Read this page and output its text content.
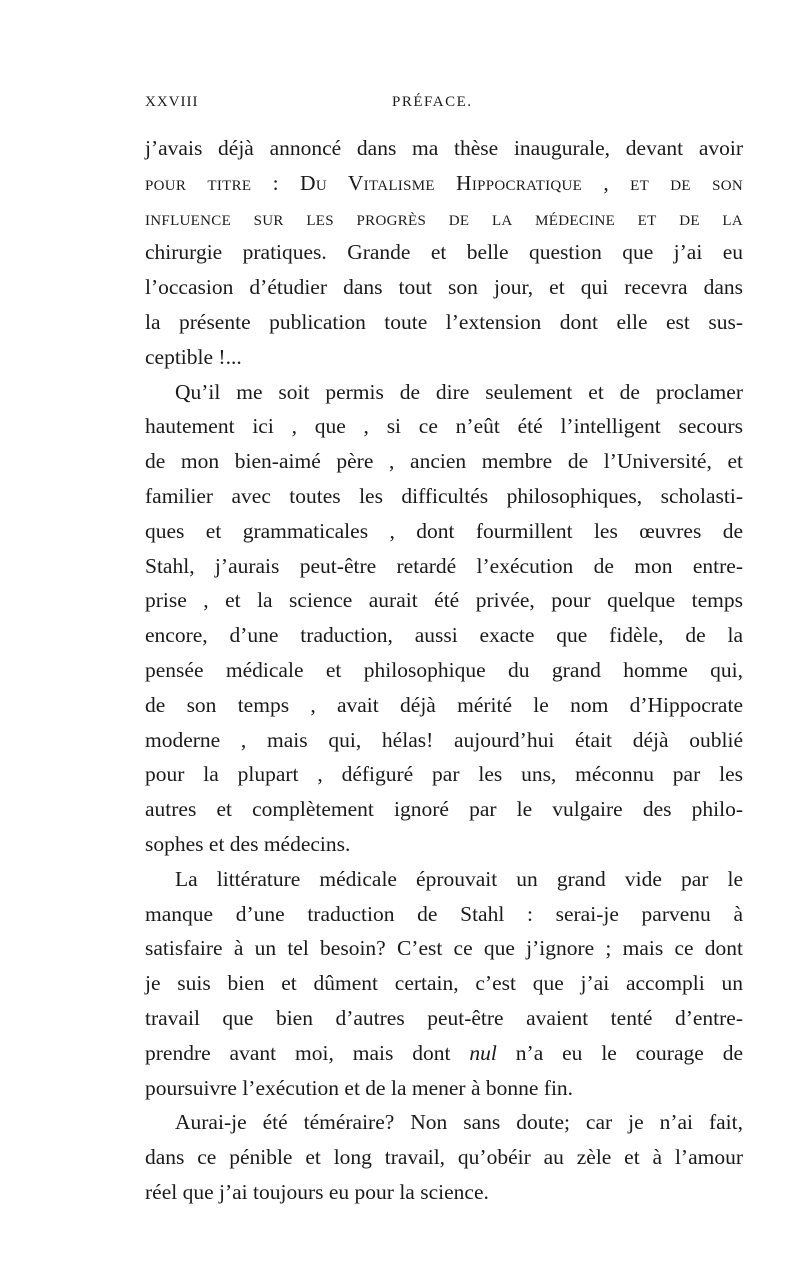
XXVIII	PRÉFACE.
j’avais déjà annoncé dans ma thèse inaugurale, devant avoir
pour titre : Du Vitalisme Hippocratique , et de son
influence sur les progrès de la médecine et de la
chirurgie pratiques. Grande et belle question que j’ai eu
l’occasion d’étudier dans tout son jour, et qui recevra dans
la présente publication toute l’extension dont elle est sus-
ceptible !...
Qu’il me soit permis de dire seulement et de proclamer
hautement ici , que , si ce n’eût été l’intelligent secours
de mon bien-aimé père , ancien membre de l’Université, et
familier avec toutes les difficultés philosophiques, scholasti-
ques et grammaticales , dont fourmillent les œuvres de
Stahl, j’aurais peut-être retardé l’exécution de mon entre-
prise , et la science aurait été privée, pour quelque temps
encore, d’une traduction, aussi exacte que fidèle, de la
pensée médicale et philosophique du grand homme qui,
de son temps , avait déjà mérité le nom d’Hippocrate
moderne , mais qui, hélas! aujourd’hui était déjà oublié
pour la plupart , défiguré par les uns, méconnu par les
autres et complètement ignoré par le vulgaire des philo-
sophes et des médecins.
La littérature médicale éprouvait un grand vide par le
manque d’une traduction de Stahl : serai-je parvenu à
satisfaire à un tel besoin? C’est ce que j’ignore ; mais ce dont
je suis bien et dûment certain, c’est que j’ai accompli un
travail que bien d’autres peut-être avaient tenté d’entre-
prendre avant moi, mais dont nul n’a eu le courage de
poursuivre l’exécution et de la mener à bonne fin.
Aurai-je été téméraire? Non sans doute; car je n’ai fait,
dans ce pénible et long travail, qu’obéir au zèle et à l’amour
réel que j’ai toujours eu pour la science.
